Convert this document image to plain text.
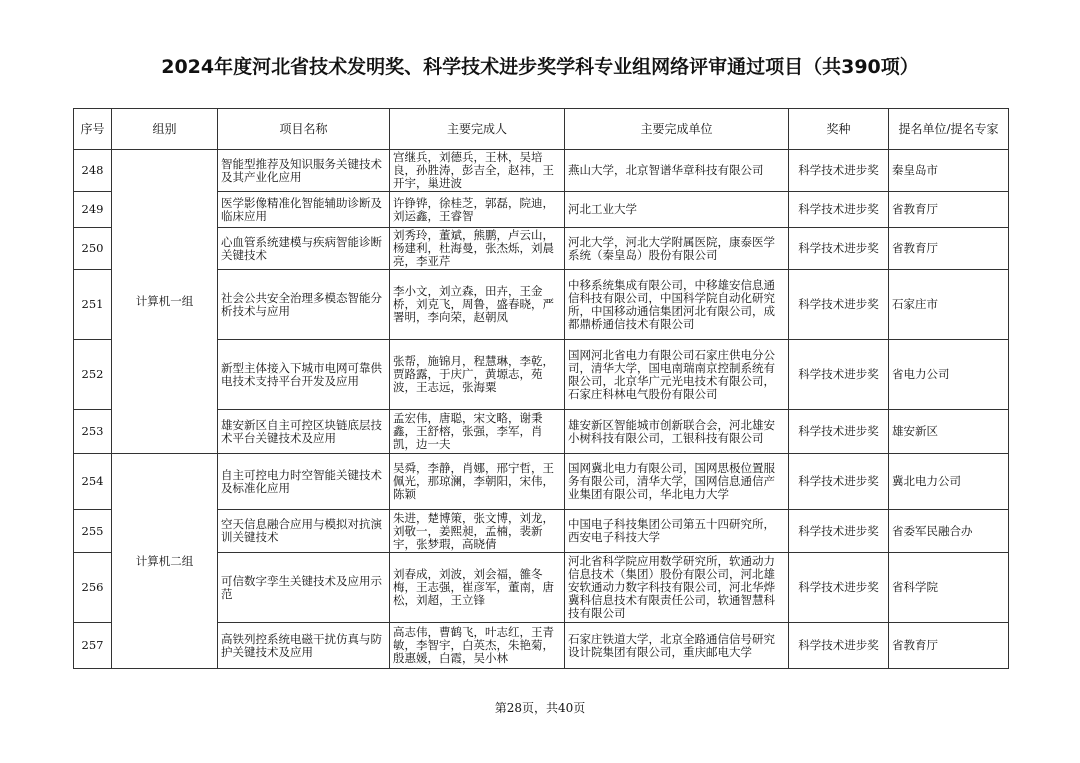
2024年度河北省技术发明奖、科学技术进步奖学科专业组网络评审通过项目（共390项）
序号	组别	项目名称	主要完成人	主要完成单位	奖种	提名单位/提名专家
248	计算机一组	智能型推荐及知识服务关键技术及其产业化应用	宫继兵，刘德兵，王林，吴培良，孙胜涛，彭吉全，赵祎，王开宇，巢进波	燕山大学，北京智谱华章科技有限公司	科学技术进步奖	秦皇岛市
249		医学影像精准化智能辅助诊断及临床应用	许铮铧，徐桂芝，郭磊，院迪，刘运鑫，王睿智	河北工业大学	科学技术进步奖	省教育厅
250		心血管系统建模与疾病智能诊断关键技术	刘秀玲，董斌，熊鹏，卢云山，杨建利，杜海曼，张杰烁，刘晨亮，李亚芹	河北大学，河北大学附属医院，康泰医学系统（秦皇岛）股份有限公司	科学技术进步奖	省教育厅
251		社会公共安全治理多模态智能分析技术与应用	李小文，刘立森，田卉，王金桥，刘克飞，周鲁，盛春晓，严署明，李向荣，赵朝凤	中移系统集成有限公司，中移雄安信息通信科技有限公司，中国科学院自动化研究所，中国移动通信集团河北有限公司，成都鼎桥通信技术有限公司	科学技术进步奖	石家庄市
252		新型主体接入下城市电网可靠供电技术支持平台开发及应用	张帮，施锦月，程慧琳，李乾，贾路露，于庆广，黄塬志，苑波，王志远，张海粟	国网河北省电力有限公司石家庄供电分公司，清华大学，国电南瑞南京控制系统有限公司，北京华广元光电技术有限公司，石家庄科林电气股份有限公司	科学技术进步奖	省电力公司
253		雄安新区自主可控区块链底层技术平台关键技术及应用	孟宏伟，唐聪，宋文略，谢秉鑫，王舒榕，张强，李军，肖凯，边一夫	雄安新区智能城市创新联合会，河北雄安小树科技有限公司，工银科技有限公司	科学技术进步奖	雄安新区
254	计算机二组	自主可控电力时空智能关键技术及标准化应用	吴舜，李静，肖娜，邢宁哲，王佩光，那琼澜，李朝阳，宋伟，陈颖	国网冀北电力有限公司，国网思极位置服务有限公司，清华大学，国网信息通信产业集团有限公司，华北电力大学	科学技术进步奖	冀北电力公司
255		空天信息融合应用与模拟对抗演训关键技术	朱进，楚博策，张文博，刘龙，刘敬一，姜熙昶，孟楠，裴新宇，张梦瑕，高晓倩	中国电子科技集团公司第五十四研究所，西安电子科技大学	科学技术进步奖	省委军民融合办
256		可信数字孪生关键技术及应用示范	刘春成，刘波，刘会福，雒冬梅，王志强，崔彦军，董南，唐松，刘超，王立锋	河北省科学院应用数学研究所，软通动力信息技术（集团）股份有限公司，河北雄安软通动力数字科技有限公司，河北华烨冀科信息技术有限责任公司，软通智慧科技有限公司	科学技术进步奖	省科学院
257		高铁列控系统电磁干扰仿真与防护关键技术及应用	高志伟，曹鹤飞，叶志红，王青敏，李智宇，白英杰，朱艳菊，殷惠媛，白霞，吴小林	石家庄铁道大学，北京全路通信信号研究设计院集团有限公司，重庆邮电大学	科学技术进步奖	省教育厅
第28页，共40页
